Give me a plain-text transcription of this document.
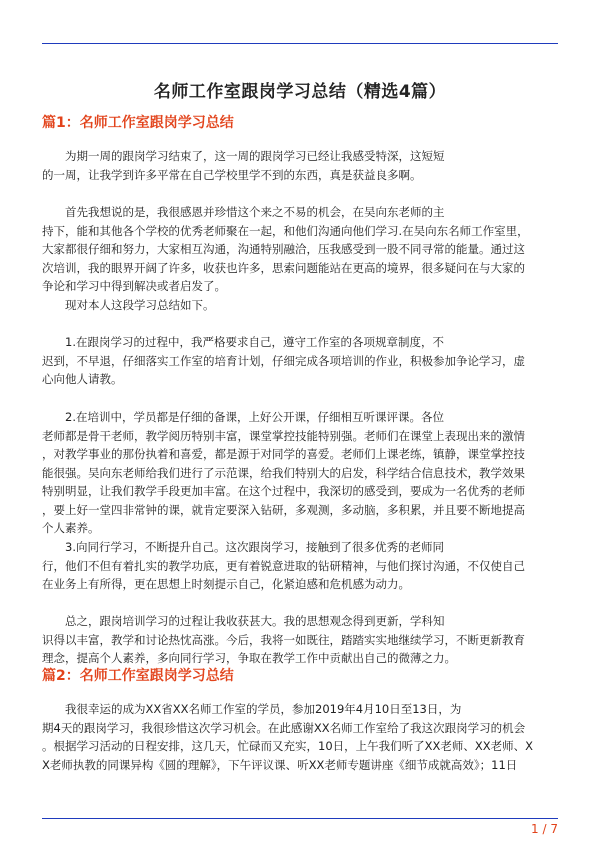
名师工作室跟岗学习总结（精选4篇）
篇1：名师工作室跟岗学习总结
为期一周的跟岗学习结束了，这一周的跟岗学习已经让我感受特深，这短短
的一周，让我学到许多平常在自己学校里学不到的东西，真是获益良多啊。
首先我想说的是，我很感恩并珍惜这个来之不易的机会，在吴向东老师的主
持下，能和其他各个学校的优秀老师聚在一起，和他们沟通向他们学习.在吴向东名师工作室里，
大家都很仔细和努力，大家相互沟通，沟通特别融洽，压我感受到一股不同寻常的能量。通过这
次培训，我的眼界开阔了许多，收获也许多，思索问题能站在更高的境界，很多疑问在与大家的
争论和学习中得到解决或者启发了。
现对本人这段学习总结如下。
1.在跟岗学习的过程中，我严格要求自己，遵守工作室的各项规章制度，不
迟到，不早退，仔细落实工作室的培育计划，仔细完成各项培训的作业，积极参加争论学习，虚
心向他人请教。
2.在培训中，学员都是仔细的备课，上好公开课，仔细相互听课评课。各位
老师都是骨干老师，教学阅历特别丰富，课堂掌控技能特别强。老师们在课堂上表现出来的激情
，对教学事业的那份执着和喜爱，都是源于对同学的喜爱。老师们上课老练，镇静，课堂掌控技
能很强。吴向东老师给我们进行了示范课，给我们特别大的启发，科学结合信息技术，教学效果
特别明显，让我们教学手段更加丰富。在这个过程中，我深切的感受到，要成为一名优秀的老师
，要上好一堂四非常钟的课，就肯定要深入钻研，多观测，多动脑，多积累，并且要不断地提高
个人素养。
3.向同行学习，不断提升自己。这次跟岗学习，接触到了很多优秀的老师同
行，他们不但有着扎实的教学功底，更有着锐意进取的钻研精神，与他们探讨沟通，不仅使自己
在业务上有所得，更在思想上时刻提示自己，化紧迫感和危机感为动力。
总之，跟岗培训学习的过程让我收获甚大。我的思想观念得到更新，学科知
识得以丰富，教学和讨论热忱高涨。今后，我将一如既往，踏踏实实地继续学习，不断更新教育
理念，提高个人素养，多向同行学习，争取在教学工作中贡献出自己的微薄之力。
篇2：名师工作室跟岗学习总结
我很幸运的成为XX省XX名师工作室的学员，参加2019年4月10日至13日，为
期4天的跟岗学习，我很珍惜这次学习机会。在此感谢XX名师工作室给了我这次跟岗学习的机会
。根据学习活动的日程安排，这几天，忙碌而又充实，10日，上午我们听了XX老师、XX老师、X
X老师执教的同课异构《圆的理解》，下午评议课、听XX老师专题讲座《细节成就高效》；11日
1 / 7
